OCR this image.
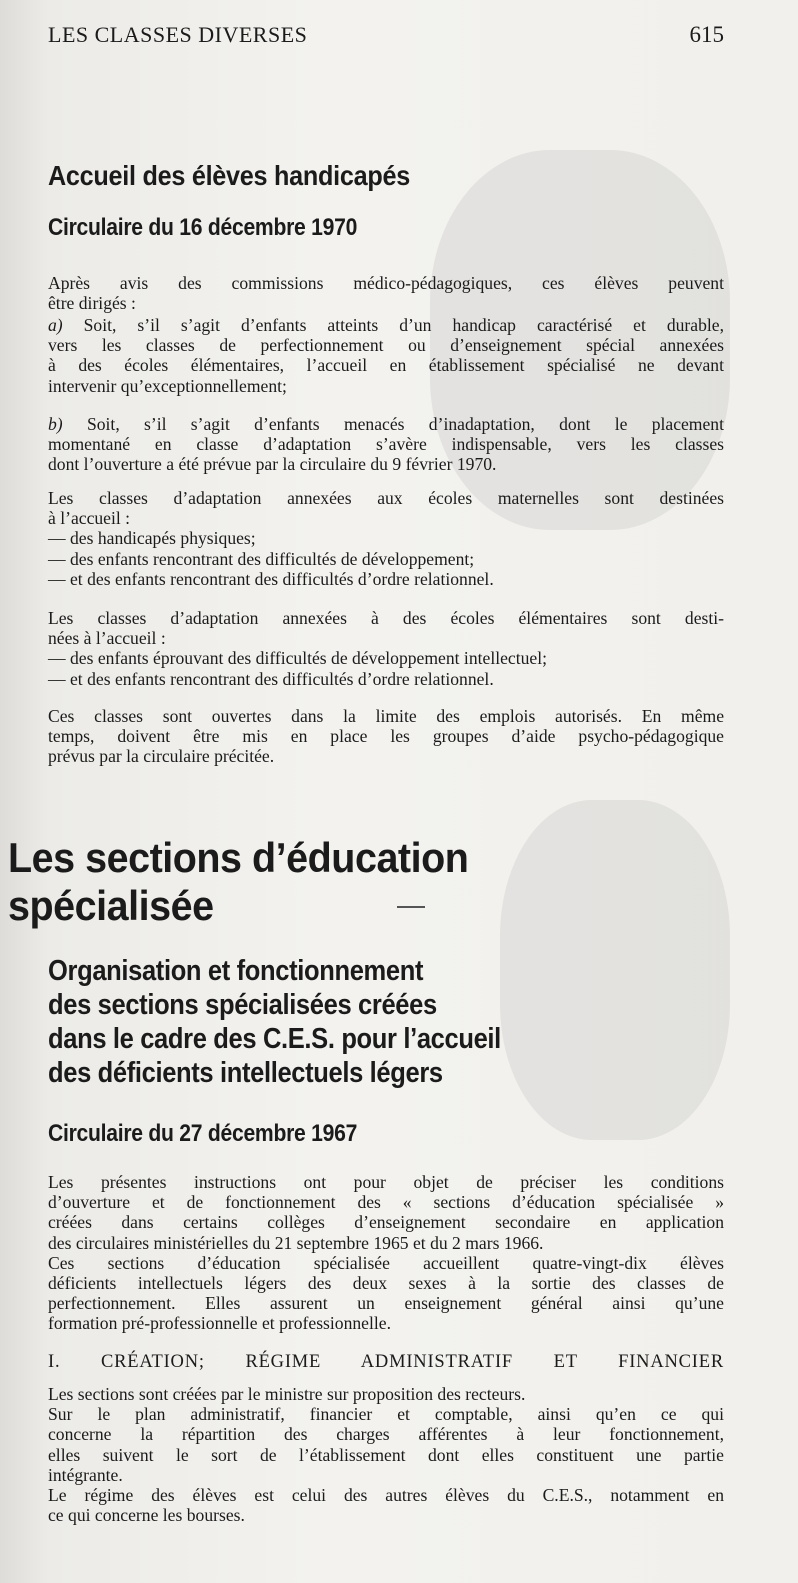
LES CLASSES DIVERSES	615
Accueil des élèves handicapés
Circulaire du 16 décembre 1970
Après avis des commissions médico-pédagogiques, ces élèves peuvent
être dirigés :
a) Soit, s’il s’agit d’enfants atteints d’un handicap caractérisé et durable,
vers les classes de perfectionnement ou d’enseignement spécial annexées
à des écoles élémentaires, l’accueil en établissement spécialisé ne devant
intervenir qu’exceptionnellement;
b) Soit, s’il s’agit d’enfants menacés d’inadaptation, dont le placement
momentané en classe d’adaptation s’avère indispensable, vers les classes
dont l’ouverture a été prévue par la circulaire du 9 février 1970.
Les classes d’adaptation annexées aux écoles maternelles sont destinées
à l’accueil :
— des handicapés physiques;
— des enfants rencontrant des difficultés de développement;
— et des enfants rencontrant des difficultés d’ordre relationnel.
Les classes d’adaptation annexées à des écoles élémentaires sont desti-
nées à l’accueil :
— des enfants éprouvant des difficultés de développement intellectuel;
— et des enfants rencontrant des difficultés d’ordre relationnel.
Ces classes sont ouvertes dans la limite des emplois autorisés. En même
temps, doivent être mis en place les groupes d’aide psycho-pédagogique
prévus par la circulaire précitée.
Les sections d’éducation
spécialisée
Organisation et fonctionnement
des sections spécialisées créées
dans le cadre des C.E.S. pour l’accueil
des déficients intellectuels légers
Circulaire du 27 décembre 1967
Les présentes instructions ont pour objet de préciser les conditions
d’ouverture et de fonctionnement des « sections d’éducation spécialisée »
créées dans certains collèges d’enseignement secondaire en application
des circulaires ministérielles du 21 septembre 1965 et du 2 mars 1966.
Ces sections d’éducation spécialisée accueillent quatre-vingt-dix élèves
déficients intellectuels légers des deux sexes à la sortie des classes de
perfectionnement. Elles assurent un enseignement général ainsi qu’une
formation pré-professionnelle et professionnelle.
I. CRÉATION; RÉGIME ADMINISTRATIF ET FINANCIER
Les sections sont créées par le ministre sur proposition des recteurs.
Sur le plan administratif, financier et comptable, ainsi qu’en ce qui
concerne la répartition des charges afférentes à leur fonctionnement,
elles suivent le sort de l’établissement dont elles constituent une partie
intégrante.
Le régime des élèves est celui des autres élèves du C.E.S., notamment en
ce qui concerne les bourses.
